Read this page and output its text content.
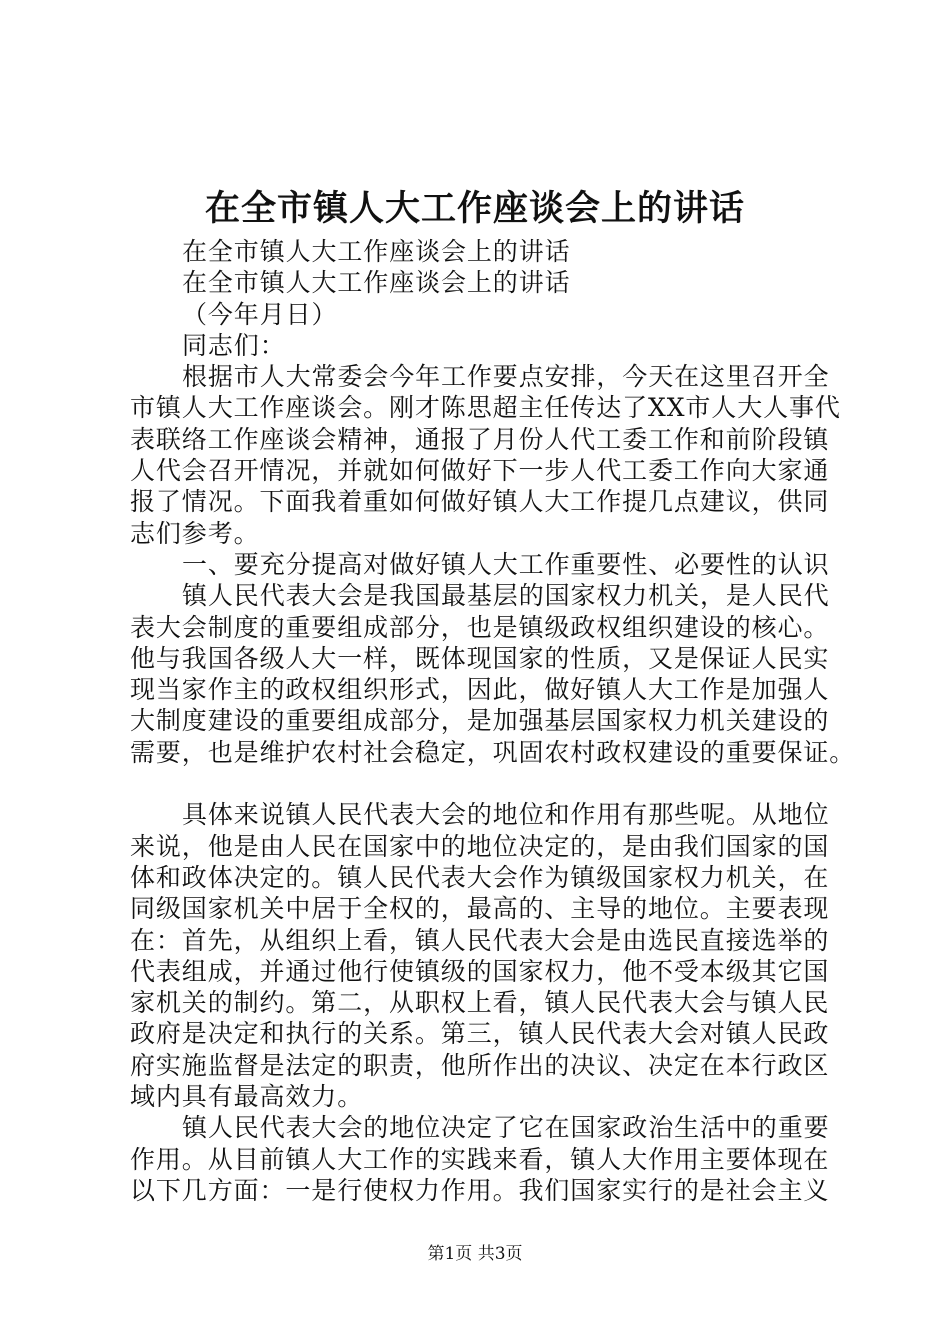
在全市镇人大工作座谈会上的讲话
在全市镇人大工作座谈会上的讲话
在全市镇人大工作座谈会上的讲话
（今年月日）
同志们：
根据市人大常委会今年工作要点安排，今天在这里召开全
市镇人大工作座谈会。刚才陈思超主任传达了XX市人大人事代
表联络工作座谈会精神，通报了月份人代工委工作和前阶段镇
人代会召开情况，并就如何做好下一步人代工委工作向大家通
报了情况。下面我着重如何做好镇人大工作提几点建议，供同
志们参考。
一、要充分提高对做好镇人大工作重要性、必要性的认识
镇人民代表大会是我国最基层的国家权力机关，是人民代
表大会制度的重要组成部分，也是镇级政权组织建设的核心。
他与我国各级人大一样，既体现国家的性质，又是保证人民实
现当家作主的政权组织形式，因此，做好镇人大工作是加强人
大制度建设的重要组成部分，是加强基层国家权力机关建设的
需要，也是维护农村社会稳定，巩固农村政权建设的重要保证。
具体来说镇人民代表大会的地位和作用有那些呢。从地位
来说，他是由人民在国家中的地位决定的，是由我们国家的国
体和政体决定的。镇人民代表大会作为镇级国家权力机关，在
同级国家机关中居于全权的，最高的、主导的地位。主要表现
在：首先，从组织上看，镇人民代表大会是由选民直接选举的
代表组成，并通过他行使镇级的国家权力，他不受本级其它国
家机关的制约。第二，从职权上看，镇人民代表大会与镇人民
政府是决定和执行的关系。第三，镇人民代表大会对镇人民政
府实施监督是法定的职责，他所作出的决议、决定在本行政区
域内具有最高效力。
镇人民代表大会的地位决定了它在国家政治生活中的重要
作用。从目前镇人大工作的实践来看，镇人大作用主要体现在
以下几方面：一是行使权力作用。我们国家实行的是社会主义
第1页 共3页
